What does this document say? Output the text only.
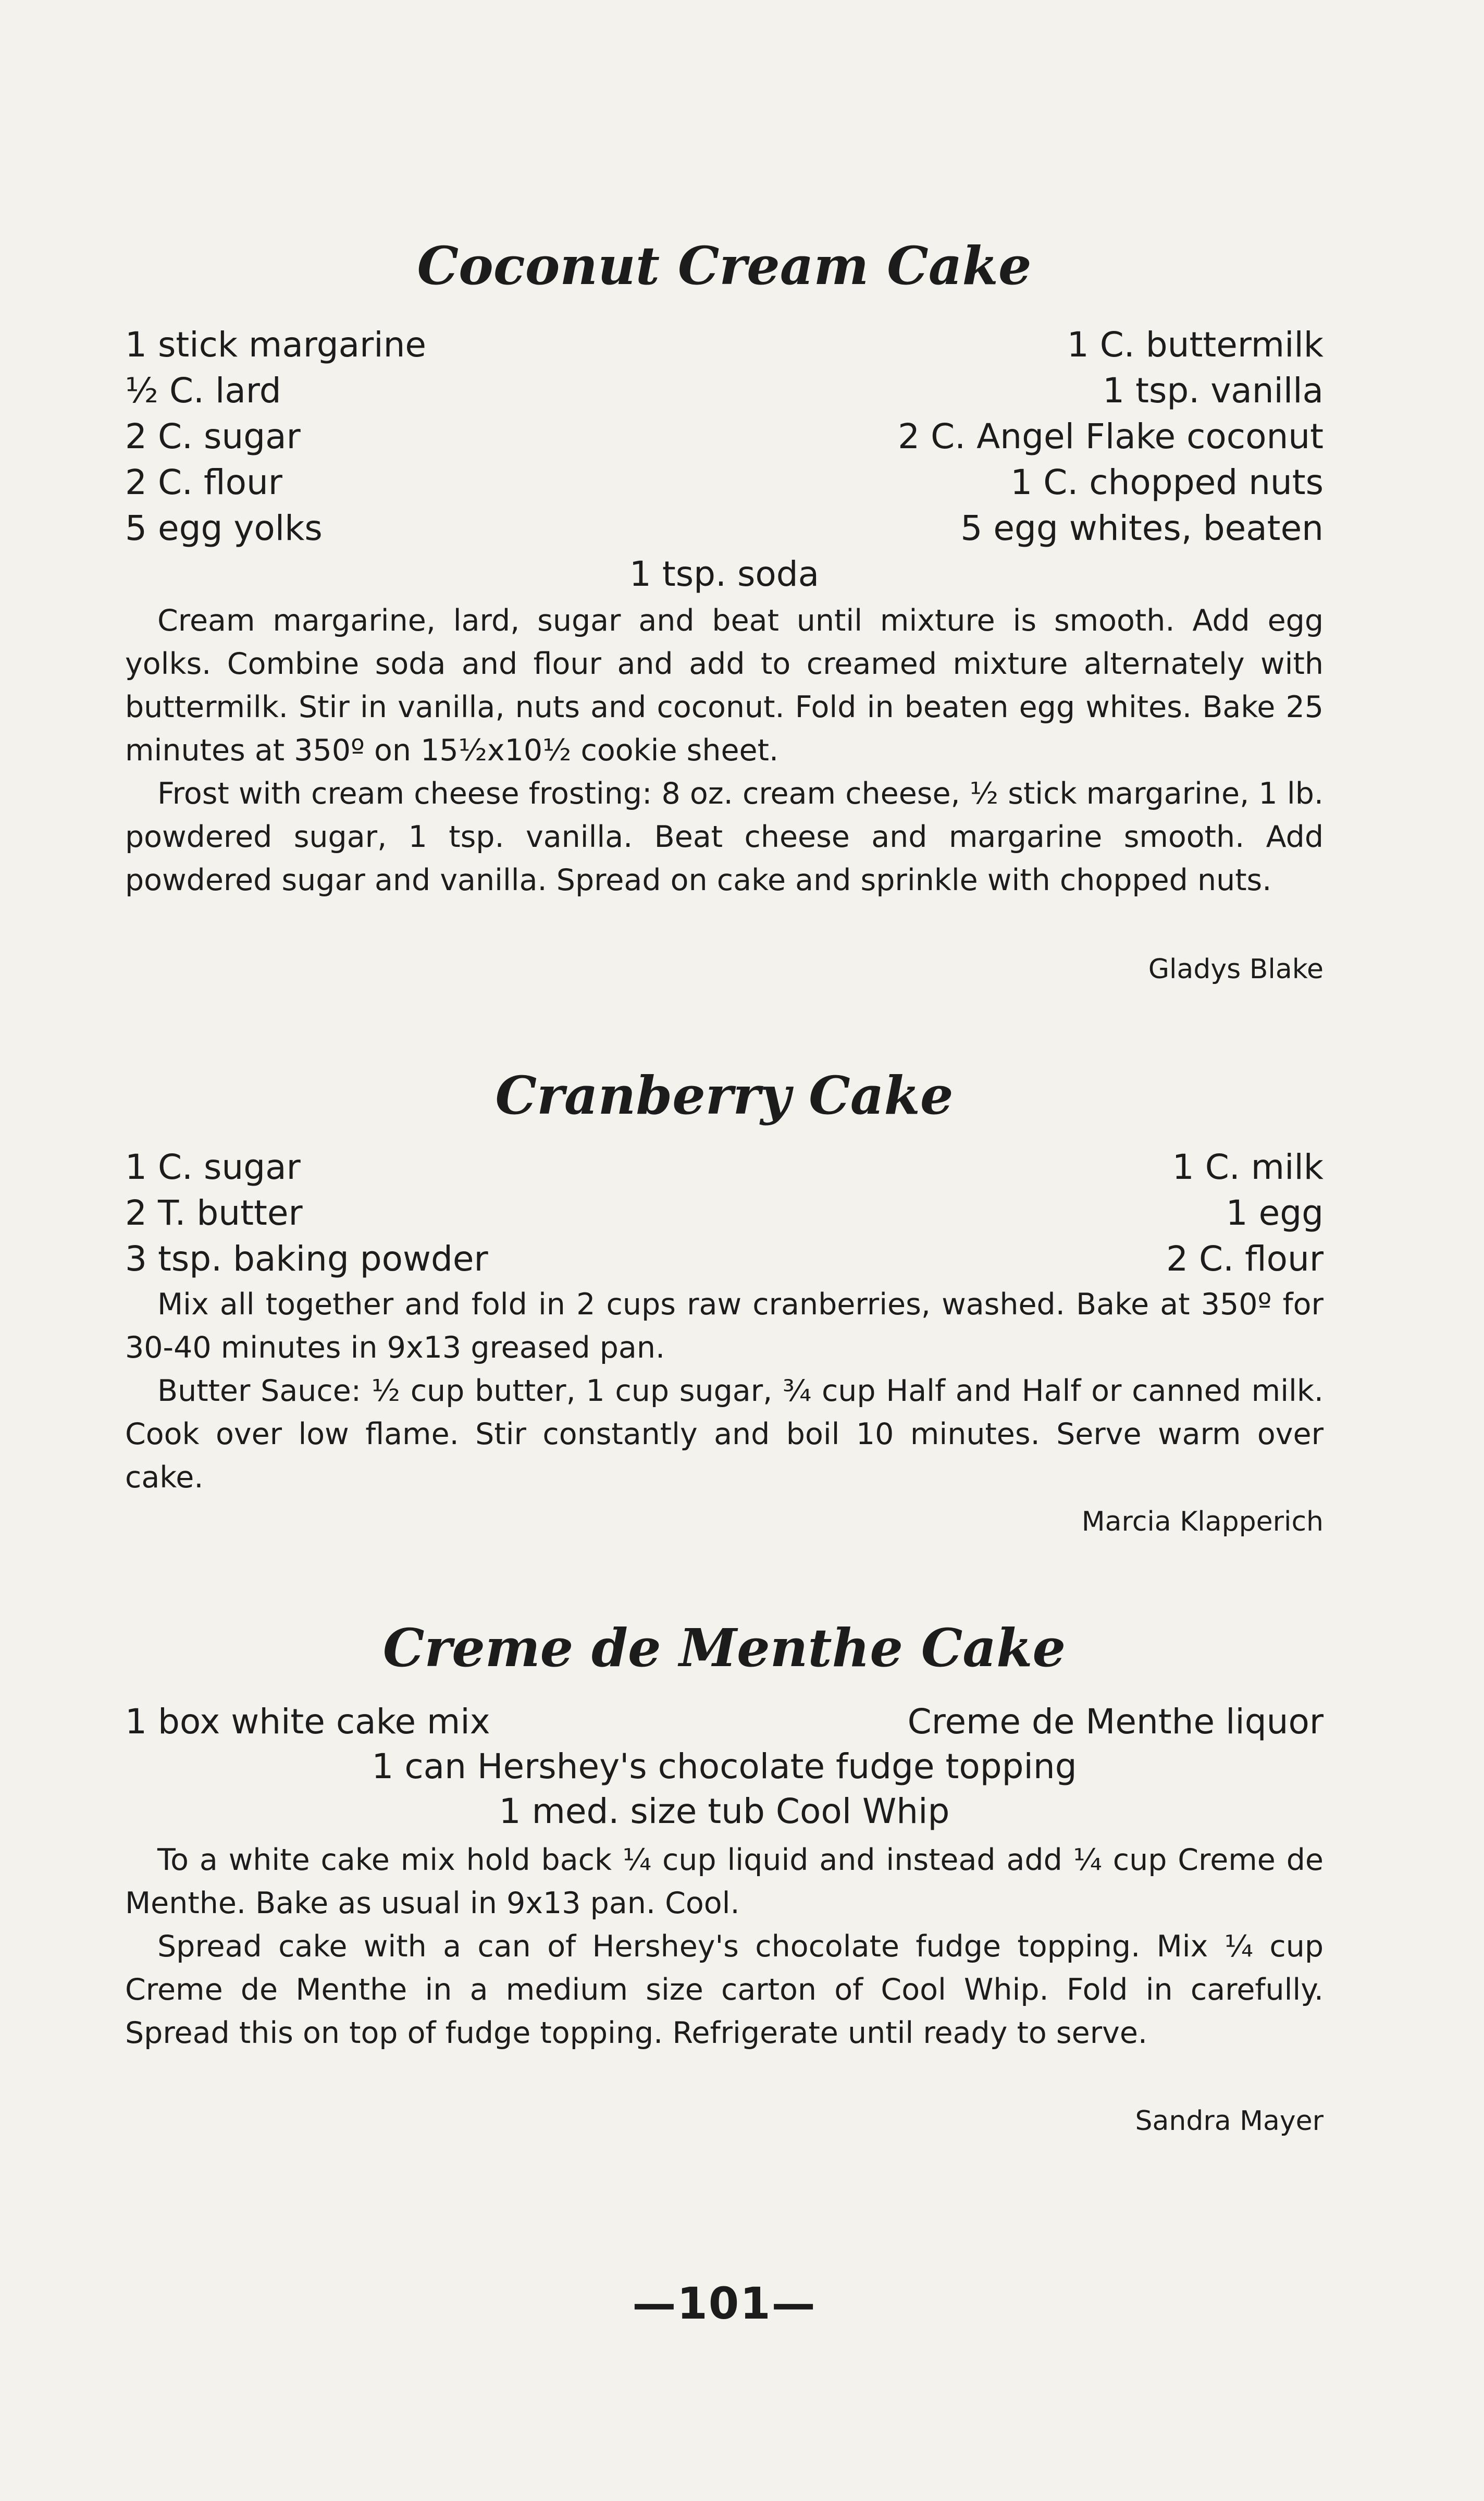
Coconut Cream Cake
1 stick margarine	1 C. buttermilk
½ C. lard	1 tsp. vanilla
2 C. sugar	2 C. Angel Flake coconut
2 C. flour	1 C. chopped nuts
5 egg yolks	5 egg whites, beaten
1 tsp. soda

Cream margarine, lard, sugar and beat until mixture is smooth. Add egg yolks. Combine soda and flour and add to creamed mixture alternately with buttermilk. Stir in vanilla, nuts and coconut. Fold in beaten egg whites. Bake 25 minutes at 350º on 15½x10½ cookie sheet.

Frost with cream cheese frosting: 8 oz. cream cheese, ½ stick margarine, 1 lb. powdered sugar, 1 tsp. vanilla. Beat cheese and margarine smooth. Add powdered sugar and vanilla. Spread on cake and sprinkle with chopped nuts.

Gladys Blake
Cranberry Cake
1 C. sugar	1 C. milk
2 T. butter	1 egg
3 tsp. baking powder	2 C. flour

Mix all together and fold in 2 cups raw cranberries, washed. Bake at 350º for 30-40 minutes in 9x13 greased pan.

Butter Sauce: ½ cup butter, 1 cup sugar, ¾ cup Half and Half or canned milk. Cook over low flame. Stir constantly and boil 10 minutes. Serve warm over cake.

Marcia Klapperich
Creme de Menthe Cake
1 box white cake mix	Creme de Menthe liquor
1 can Hershey's chocolate fudge topping
1 med. size tub Cool Whip

To a white cake mix hold back ¼ cup liquid and instead add ¼ cup Creme de Menthe. Bake as usual in 9x13 pan. Cool.

Spread cake with a can of Hershey's chocolate fudge topping. Mix ¼ cup Creme de Menthe in a medium size carton of Cool Whip. Fold in carefully. Spread this on top of fudge topping. Refrigerate until ready to serve.

Sandra Mayer
—101—
